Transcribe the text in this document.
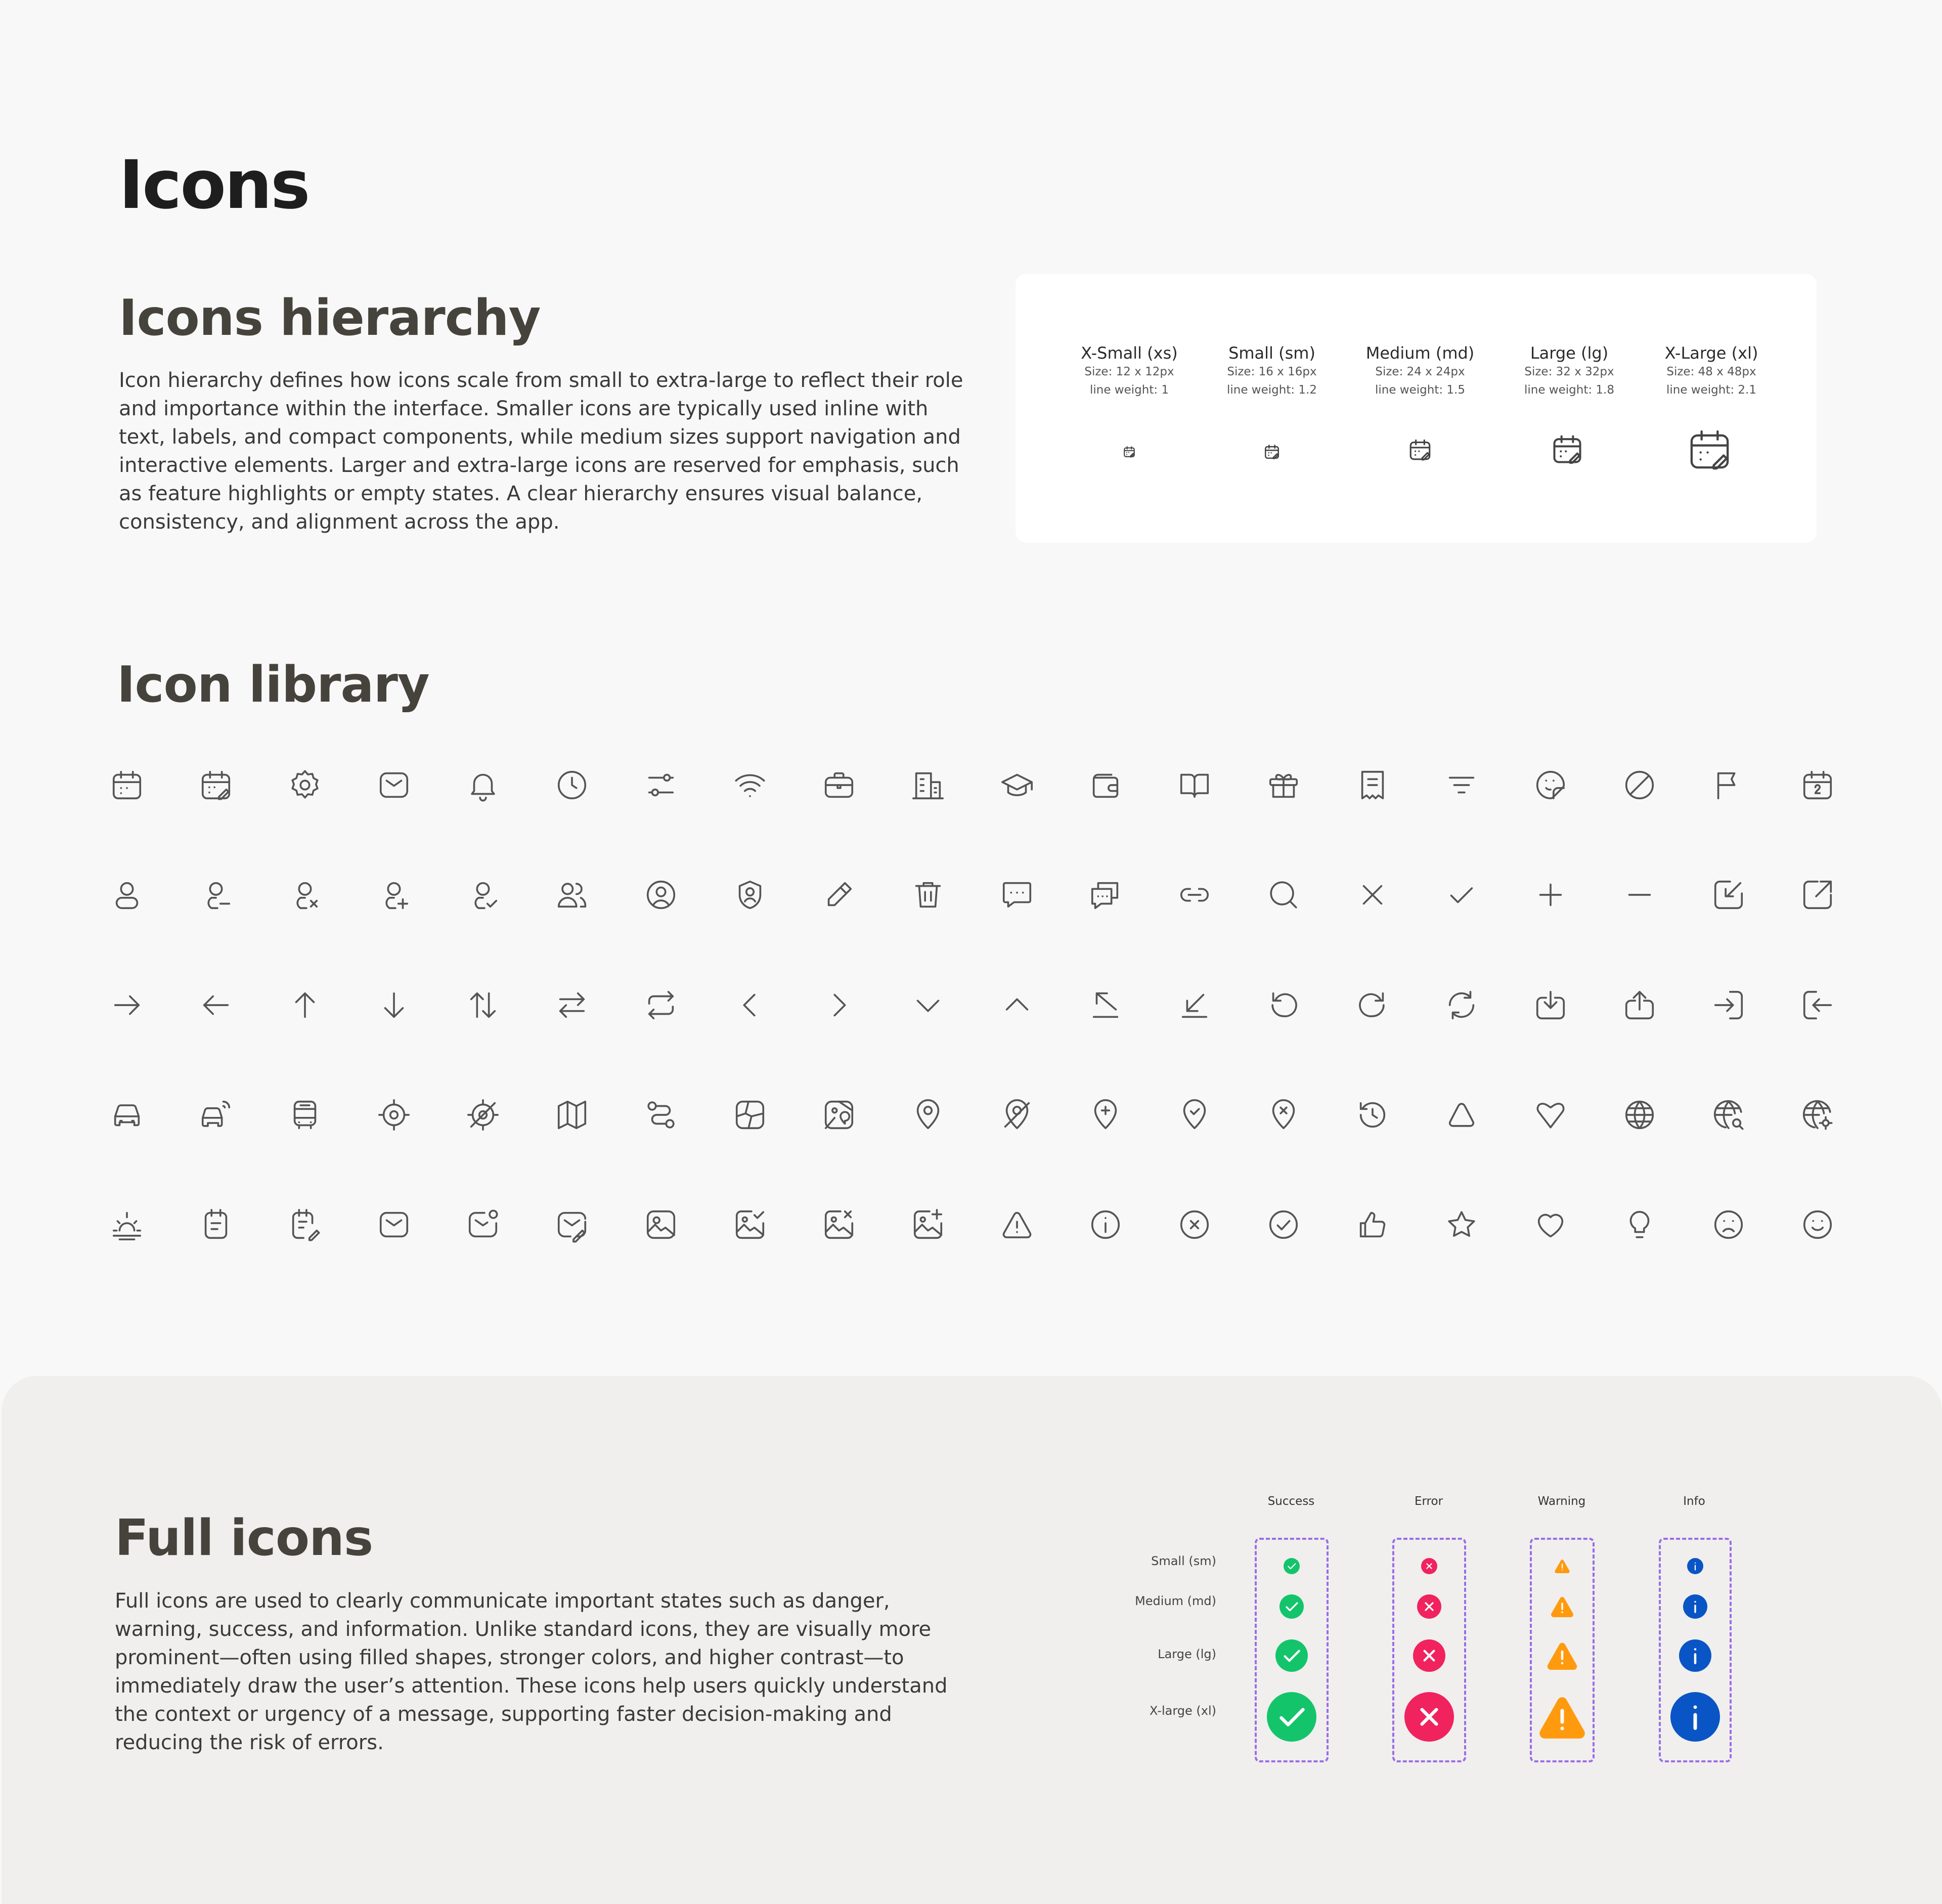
Icons
Icons hierarchy
Icon hierarchy defines how icons scale from small to extra-large to reflect their role and importance within the interface. Smaller icons are typically used inline with text, labels, and compact components, while medium sizes support navigation and interactive elements. Larger and extra-large icons are reserved for emphasis, such as feature highlights or empty states. A clear hierarchy ensures visual balance, consistency, and alignment across the app.
X-Small (xs)
Size: 12 x 12px
line weight: 1
Small (sm)
Size: 16 x 16px
line weight: 1.2
Medium (md)
Size: 24 x 24px
line weight: 1.5
Large (lg)
Size: 32 x 32px
line weight: 1.8
X-Large (xl)
Size: 48 x 48px
line weight: 2.1
Icon library
Full icons
Full icons are used to clearly communicate important states such as danger, warning, success, and information. Unlike standard icons, they are visually more prominent—often using filled shapes, stronger colors, and higher contrast—to immediately draw the user’s attention. These icons help users quickly understand the context or urgency of a message, supporting faster decision-making and reducing the risk of errors.
Success	Error	Warning	Info
Small (sm)
Medium (md)
Large (lg)
X-large (xl)
